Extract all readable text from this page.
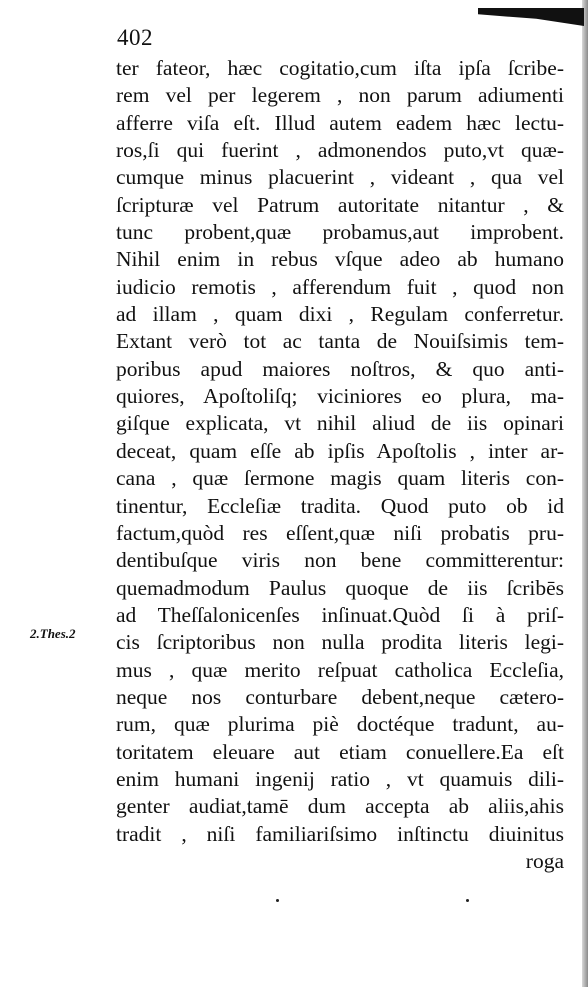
402
2.Thes.2
ter fateor, hæc cogitatio,cum iſta ipſa ſcribe-
rem vel per legerem , non parum adiumenti
afferre viſa eſt. Illud autem eadem hæc lectu-
ros,ſi qui fuerint , admonendos puto,vt quæ-
cumque minus placuerint , videant , qua vel
ſcripturæ vel Patrum autoritate nitantur , &
tunc probent,quæ probamus,aut improbent.
Nihil enim in rebus vſque adeo ab humano
iudicio remotis , afferendum fuit , quod non
ad illam , quam dixi , Regulam conferretur.
Extant verò tot ac tanta de Nouiſsimis tem-
poribus apud maiores noſtros, & quo anti-
quiores, Apoſtoliſq; viciniores eo plura, ma-
giſque explicata, vt nihil aliud de iis opinari
deceat, quam eſſe ab ipſis Apoſtolis , inter ar-
cana , quæ ſermone magis quam literis con-
tinentur, Eccleſiæ tradita. Quod puto ob id
factum,quòd res eſſent,quæ niſi probatis pru-
dentibuſque viris non bene committerentur:
quemadmodum Paulus quoque de iis ſcribēs
ad Theſſalonicenſes inſinuat.Quòd ſi à priſ-
cis ſcriptoribus non nulla prodita literis legi-
mus , quæ merito reſpuat catholica Eccleſia,
neque nos conturbare debent,neque cætero-
rum, quæ plurima piè doctéque tradunt, au-
toritatem eleuare aut etiam conuellere.Ea eſt
enim humani ingenij ratio , vt quamuis dili-
genter audiat,tamē dum accepta ab aliis,ahis
tradit , niſi familiariſsimo inſtinctu diuinitus
roga
